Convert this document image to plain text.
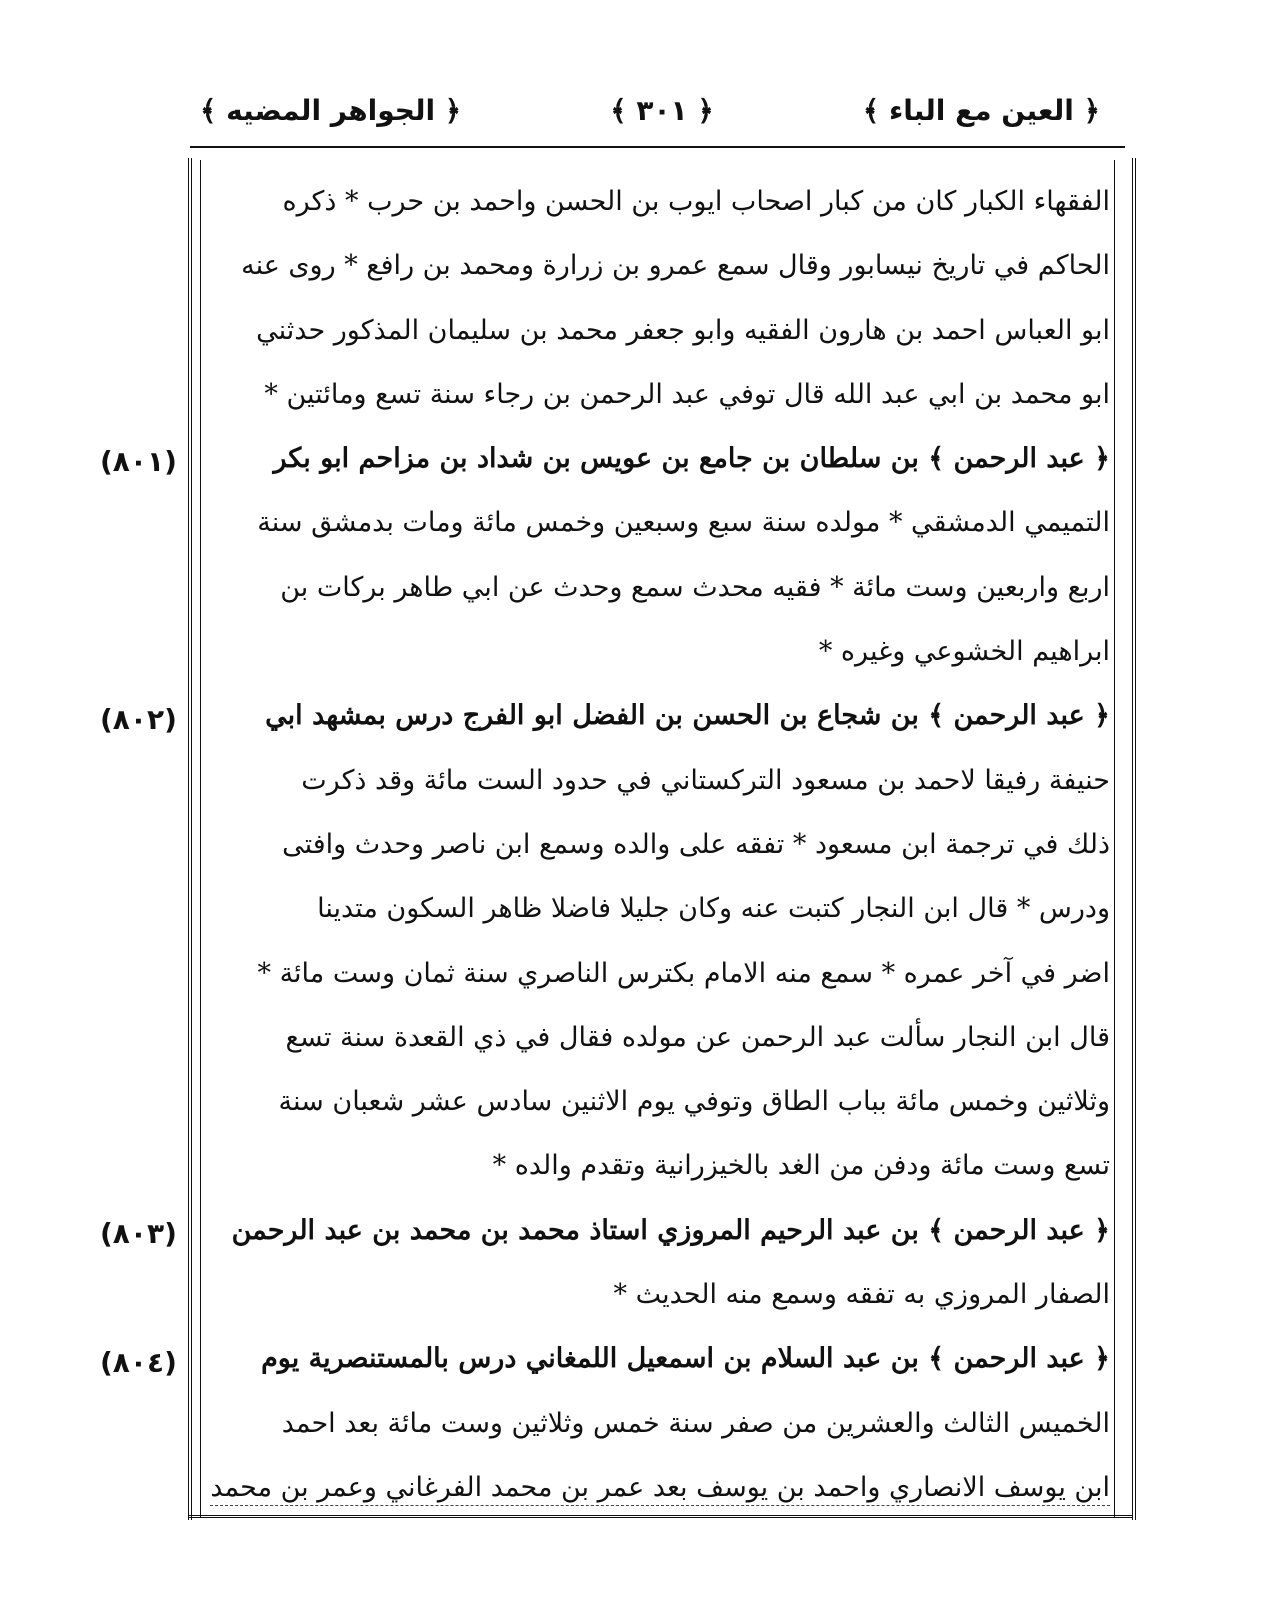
﴿ العين مع الباء ﴾
﴿ ٣٠١ ﴾
﴿ الجواهر المضيه ﴾
الفقهاء الكبار كان من كبار اصحاب ايوب بن الحسن واحمد بن حرب * ذكره
الحاكم في تاريخ نيسابور وقال سمع عمرو بن زرارة ومحمد بن رافع * روى عنه
ابو العباس احمد بن هارون الفقيه وابو جعفر محمد بن سليمان المذكور حدثني
ابو محمد بن ابي عبد الله قال توفي عبد الرحمن بن رجاء سنة تسع ومائتين *
﴿ عبد الرحمن ﴾ بن سلطان بن جامع بن عويس بن شداد بن مزاحم ابو بكر
التميمي الدمشقي * مولده سنة سبع وسبعين وخمس مائة ومات بدمشق سنة
اربع واربعين وست مائة * فقيه محدث سمع وحدث عن ابي طاهر بركات بن
ابراهيم الخشوعي وغيره *
﴿ عبد الرحمن ﴾ بن شجاع بن الحسن بن الفضل ابو الفرج درس بمشهد ابي
حنيفة رفيقا لاحمد بن مسعود التركستاني في حدود الست مائة وقد ذكرت
ذلك في ترجمة ابن مسعود * تفقه على والده وسمع ابن ناصر وحدث وافتى
ودرس * قال ابن النجار كتبت عنه وكان جليلا فاضلا ظاهر السكون متدينا
اضر في آخر عمره * سمع منه الامام بكترس الناصري سنة ثمان وست مائة *
قال ابن النجار سألت عبد الرحمن عن مولده فقال في ذي القعدة سنة تسع
وثلاثين وخمس مائة بباب الطاق وتوفي يوم الاثنين سادس عشر شعبان سنة
تسع وست مائة ودفن من الغد بالخيزرانية وتقدم والده *
﴿ عبد الرحمن ﴾ بن عبد الرحيم المروزي استاذ محمد بن محمد بن عبد الرحمن
الصفار المروزي به تفقه وسمع منه الحديث *
﴿ عبد الرحمن ﴾ بن عبد السلام بن اسمعيل اللمغاني درس بالمستنصرية يوم
الخميس الثالث والعشرين من صفر سنة خمس وثلاثين وست مائة بعد احمد
ابن يوسف الانصاري واحمد بن يوسف بعد عمر بن محمد الفرغاني وعمر بن محمد
(٨٠١)
(٨٠٢)
(٨٠٣)
(٨٠٤)
